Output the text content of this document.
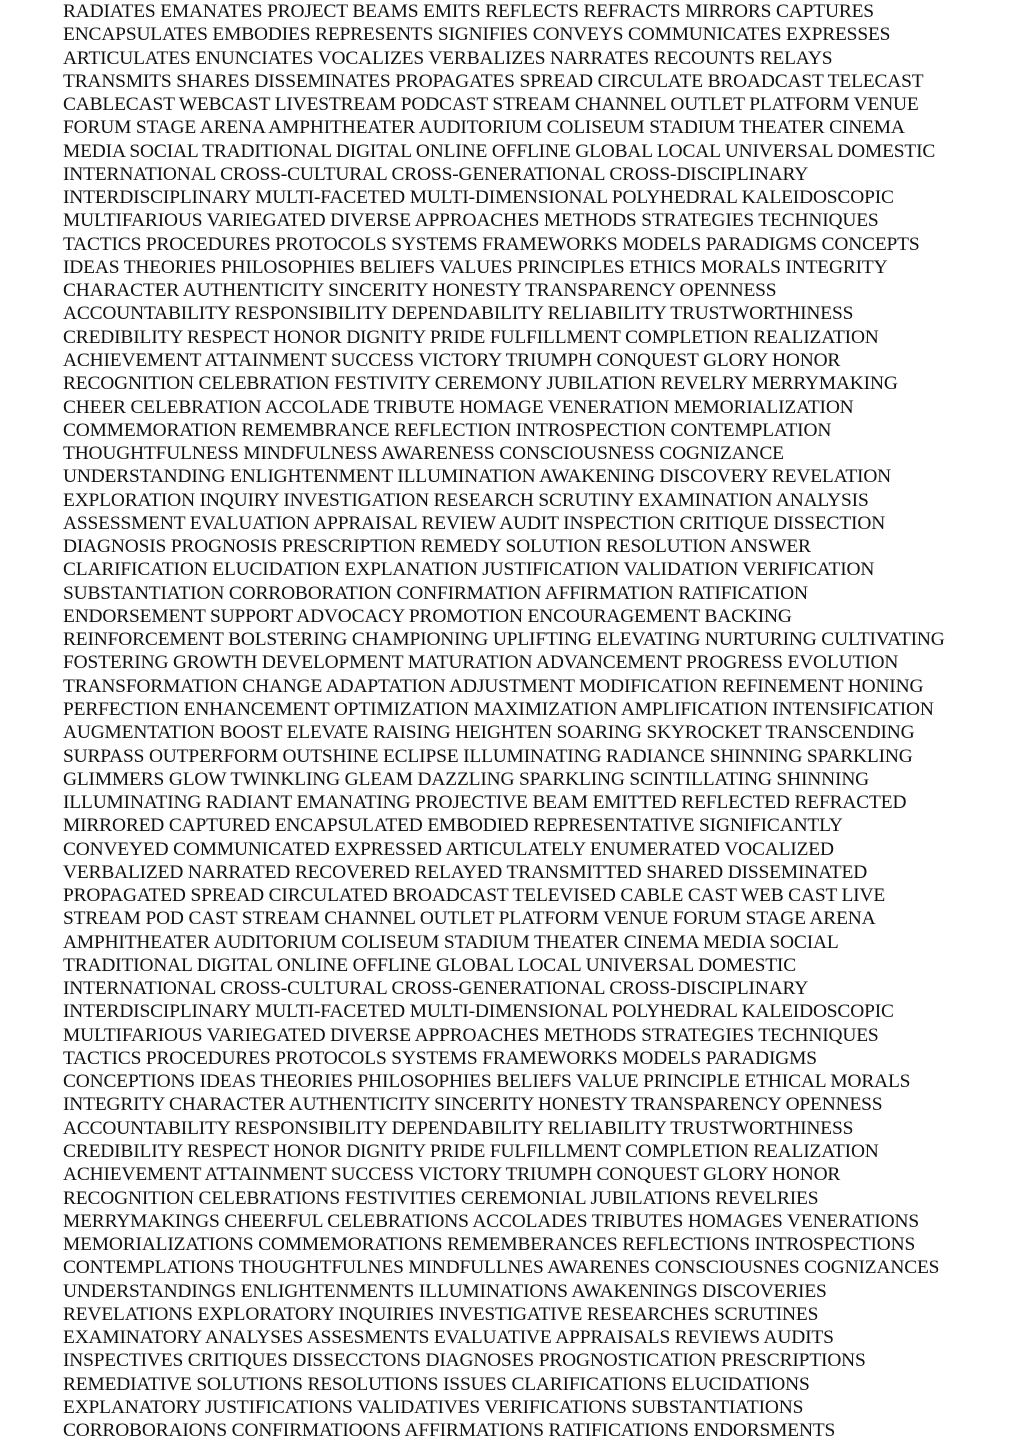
RADIATES EMANATES PROJECT BEAMS EMITS REFLECTS REFRACTS MIRRORS CAPTURES
ENCAPSULATES EMBODIES REPRESENTS SIGNIFIES CONVEYS COMMUNICATES EXPRESSES
ARTICULATES ENUNCIATES VOCALIZES VERBALIZES NARRATES RECOUNTS RELAYS
TRANSMITS SHARES DISSEMINATES PROPAGATES SPREAD CIRCULATE BROADCAST TELECAST
CABLECAST WEBCAST LIVESTREAM PODCAST STREAM CHANNEL OUTLET PLATFORM VENUE
FORUM STAGE ARENA AMPHITHEATER AUDITORIUM COLISEUM STADIUM THEATER CINEMA
MEDIA SOCIAL TRADITIONAL DIGITAL ONLINE OFFLINE GLOBAL LOCAL UNIVERSAL DOMESTIC
INTERNATIONAL CROSS-CULTURAL CROSS-GENERATIONAL CROSS-DISCIPLINARY
INTERDISCIPLINARY MULTI-FACETED MULTI-DIMENSIONAL POLYHEDRAL KALEIDOSCOPIC
MULTIFARIOUS VARIEGATED DIVERSE APPROACHES METHODS STRATEGIES TECHNIQUES
TACTICS PROCEDURES PROTOCOLS SYSTEMS FRAMEWORKS MODELS PARADIGMS CONCEPTS
IDEAS THEORIES PHILOSOPHIES BELIEFS VALUES PRINCIPLES ETHICS MORALS INTEGRITY
CHARACTER AUTHENTICITY SINCERITY HONESTY TRANSPARENCY OPENNESS
ACCOUNTABILITY RESPONSIBILITY DEPENDABILITY RELIABILITY TRUSTWORTHINESS
CREDIBILITY RESPECT HONOR DIGNITY PRIDE FULFILLMENT COMPLETION REALIZATION
ACHIEVEMENT ATTAINMENT SUCCESS VICTORY TRIUMPH CONQUEST GLORY HONOR
RECOGNITION CELEBRATION FESTIVITY CEREMONY JUBILATION REVELRY MERRYMAKING
CHEER CELEBRATION ACCOLADE TRIBUTE HOMAGE VENERATION MEMORIALIZATION
COMMEMORATION REMEMBRANCE REFLECTION INTROSPECTION CONTEMPLATION
THOUGHTFULNESS MINDFULNESS AWARENESS CONSCIOUSNESS COGNIZANCE
UNDERSTANDING ENLIGHTENMENT ILLUMINATION AWAKENING DISCOVERY REVELATION
EXPLORATION INQUIRY INVESTIGATION RESEARCH SCRUTINY EXAMINATION ANALYSIS
ASSESSMENT EVALUATION APPRAISAL REVIEW AUDIT INSPECTION CRITIQUE DISSECTION
DIAGNOSIS PROGNOSIS PRESCRIPTION REMEDY SOLUTION RESOLUTION ANSWER
CLARIFICATION ELUCIDATION EXPLANATION JUSTIFICATION VALIDATION VERIFICATION
SUBSTANTIATION CORROBORATION CONFIRMATION AFFIRMATION RATIFICATION
ENDORSEMENT SUPPORT ADVOCACY PROMOTION ENCOURAGEMENT BACKING
REINFORCEMENT BOLSTERING CHAMPIONING UPLIFTING ELEVATING NURTURING CULTIVATING
FOSTERING GROWTH DEVELOPMENT MATURATION ADVANCEMENT PROGRESS EVOLUTION
TRANSFORMATION CHANGE ADAPTATION ADJUSTMENT MODIFICATION REFINEMENT HONING
PERFECTION ENHANCEMENT OPTIMIZATION MAXIMIZATION AMPLIFICATION INTENSIFICATION
AUGMENTATION BOOST ELEVATE RAISING HEIGHTEN SOARING SKYROCKET TRANSCENDING
SURPASS OUTPERFORM OUTSHINE ECLIPSE ILLUMINATING RADIANCE SHINNING SPARKLING
GLIMMERS GLOW TWINKLING GLEAM DAZZLING SPARKLING SCINTILLATING SHINNING
ILLUMINATING RADIANT EMANATING PROJECTIVE BEAM EMITTED REFLECTED REFRACTED
MIRRORED CAPTURED ENCAPSULATED EMBODIED REPRESENTATIVE SIGNIFICANTLY
CONVEYED COMMUNICATED EXPRESSED ARTICULATELY ENUMERATED VOCALIZED
VERBALIZED NARRATED RECOVERED RELAYED TRANSMITTED SHARED DISSEMINATED
PROPAGATED SPREAD CIRCULATED BROADCAST TELEVISED CABLE CAST WEB CAST LIVE
STREAM POD CAST STREAM CHANNEL OUTLET PLATFORM VENUE FORUM STAGE ARENA
AMPHITHEATER AUDITORIUM COLISEUM STADIUM THEATER CINEMA MEDIA SOCIAL
TRADITIONAL DIGITAL ONLINE OFFLINE GLOBAL LOCAL UNIVERSAL DOMESTIC
INTERNATIONAL CROSS-CULTURAL CROSS-GENERATIONAL CROSS-DISCIPLINARY
INTERDISCIPLINARY MULTI-FACETED MULTI-DIMENSIONAL POLYHEDRAL KALEIDOSCOPIC
MULTIFARIOUS VARIEGATED DIVERSE APPROACHES METHODS STRATEGIES TECHNIQUES
TACTICS PROCEDURES PROTOCOLS SYSTEMS FRAMEWORKS MODELS PARADIGMS
CONCEPTIONS IDEAS THEORIES PHILOSOPHIES BELIEFS VALUE PRINCIPLE ETHICAL MORALS
INTEGRITY CHARACTER AUTHENTICITY SINCERITY HONESTY TRANSPARENCY OPENNESS
ACCOUNTABILITY RESPONSIBILITY DEPENDABILITY RELIABILITY TRUSTWORTHINESS
CREDIBILITY RESPECT HONOR DIGNITY PRIDE FULFILLMENT COMPLETION REALIZATION
ACHIEVEMENT ATTAINMENT SUCCESS VICTORY TRIUMPH CONQUEST GLORY HONOR
RECOGNITION CELEBRATIONS FESTIVITIES CEREMONIAL JUBILATIONS REVELRIES
MERRYMAKINGS CHEERFUL CELEBRATIONS ACCOLADES TRIBUTES HOMAGES VENERATIONS
MEMORIALIZATIONS COMMEMORATIONS REMEMBERANCES REFLECTIONS INTROSPECTIONS
CONTEMPLATIONS THOUGHTFULNES MINDFULLNES AWARENES CONSCIOUSNES COGNIZANCES
UNDERSTANDINGS ENLIGHTENMENTS ILLUMINATIONS AWAKENINGS DISCOVERIES
REVELATIONS EXPLORATORY INQUIRIES INVESTIGATIVE RESEARCHES SCRUTINES
EXAMINATORY ANALYSES ASSESMENTS EVALUATIVE APPRAISALS REVIEWS AUDITS
INSPECTIVES CRITIQUES DISSECCTONS DIAGNOSES PROGNOSTICATION PRESCRIPTIONS
REMEDIATIVE SOLUTIONS RESOLUTIONS ISSUES CLARIFICATIONS ELUCIDATIONS
EXPLANATORY JUSTIFICATIONS VALIDATIVES VERIFICATIONS SUBSTANTIATIONS
CORROBORAIONS CONFIRMATIOONS AFFIRMATIONS RATIFICATIONS ENDORSMENTS
